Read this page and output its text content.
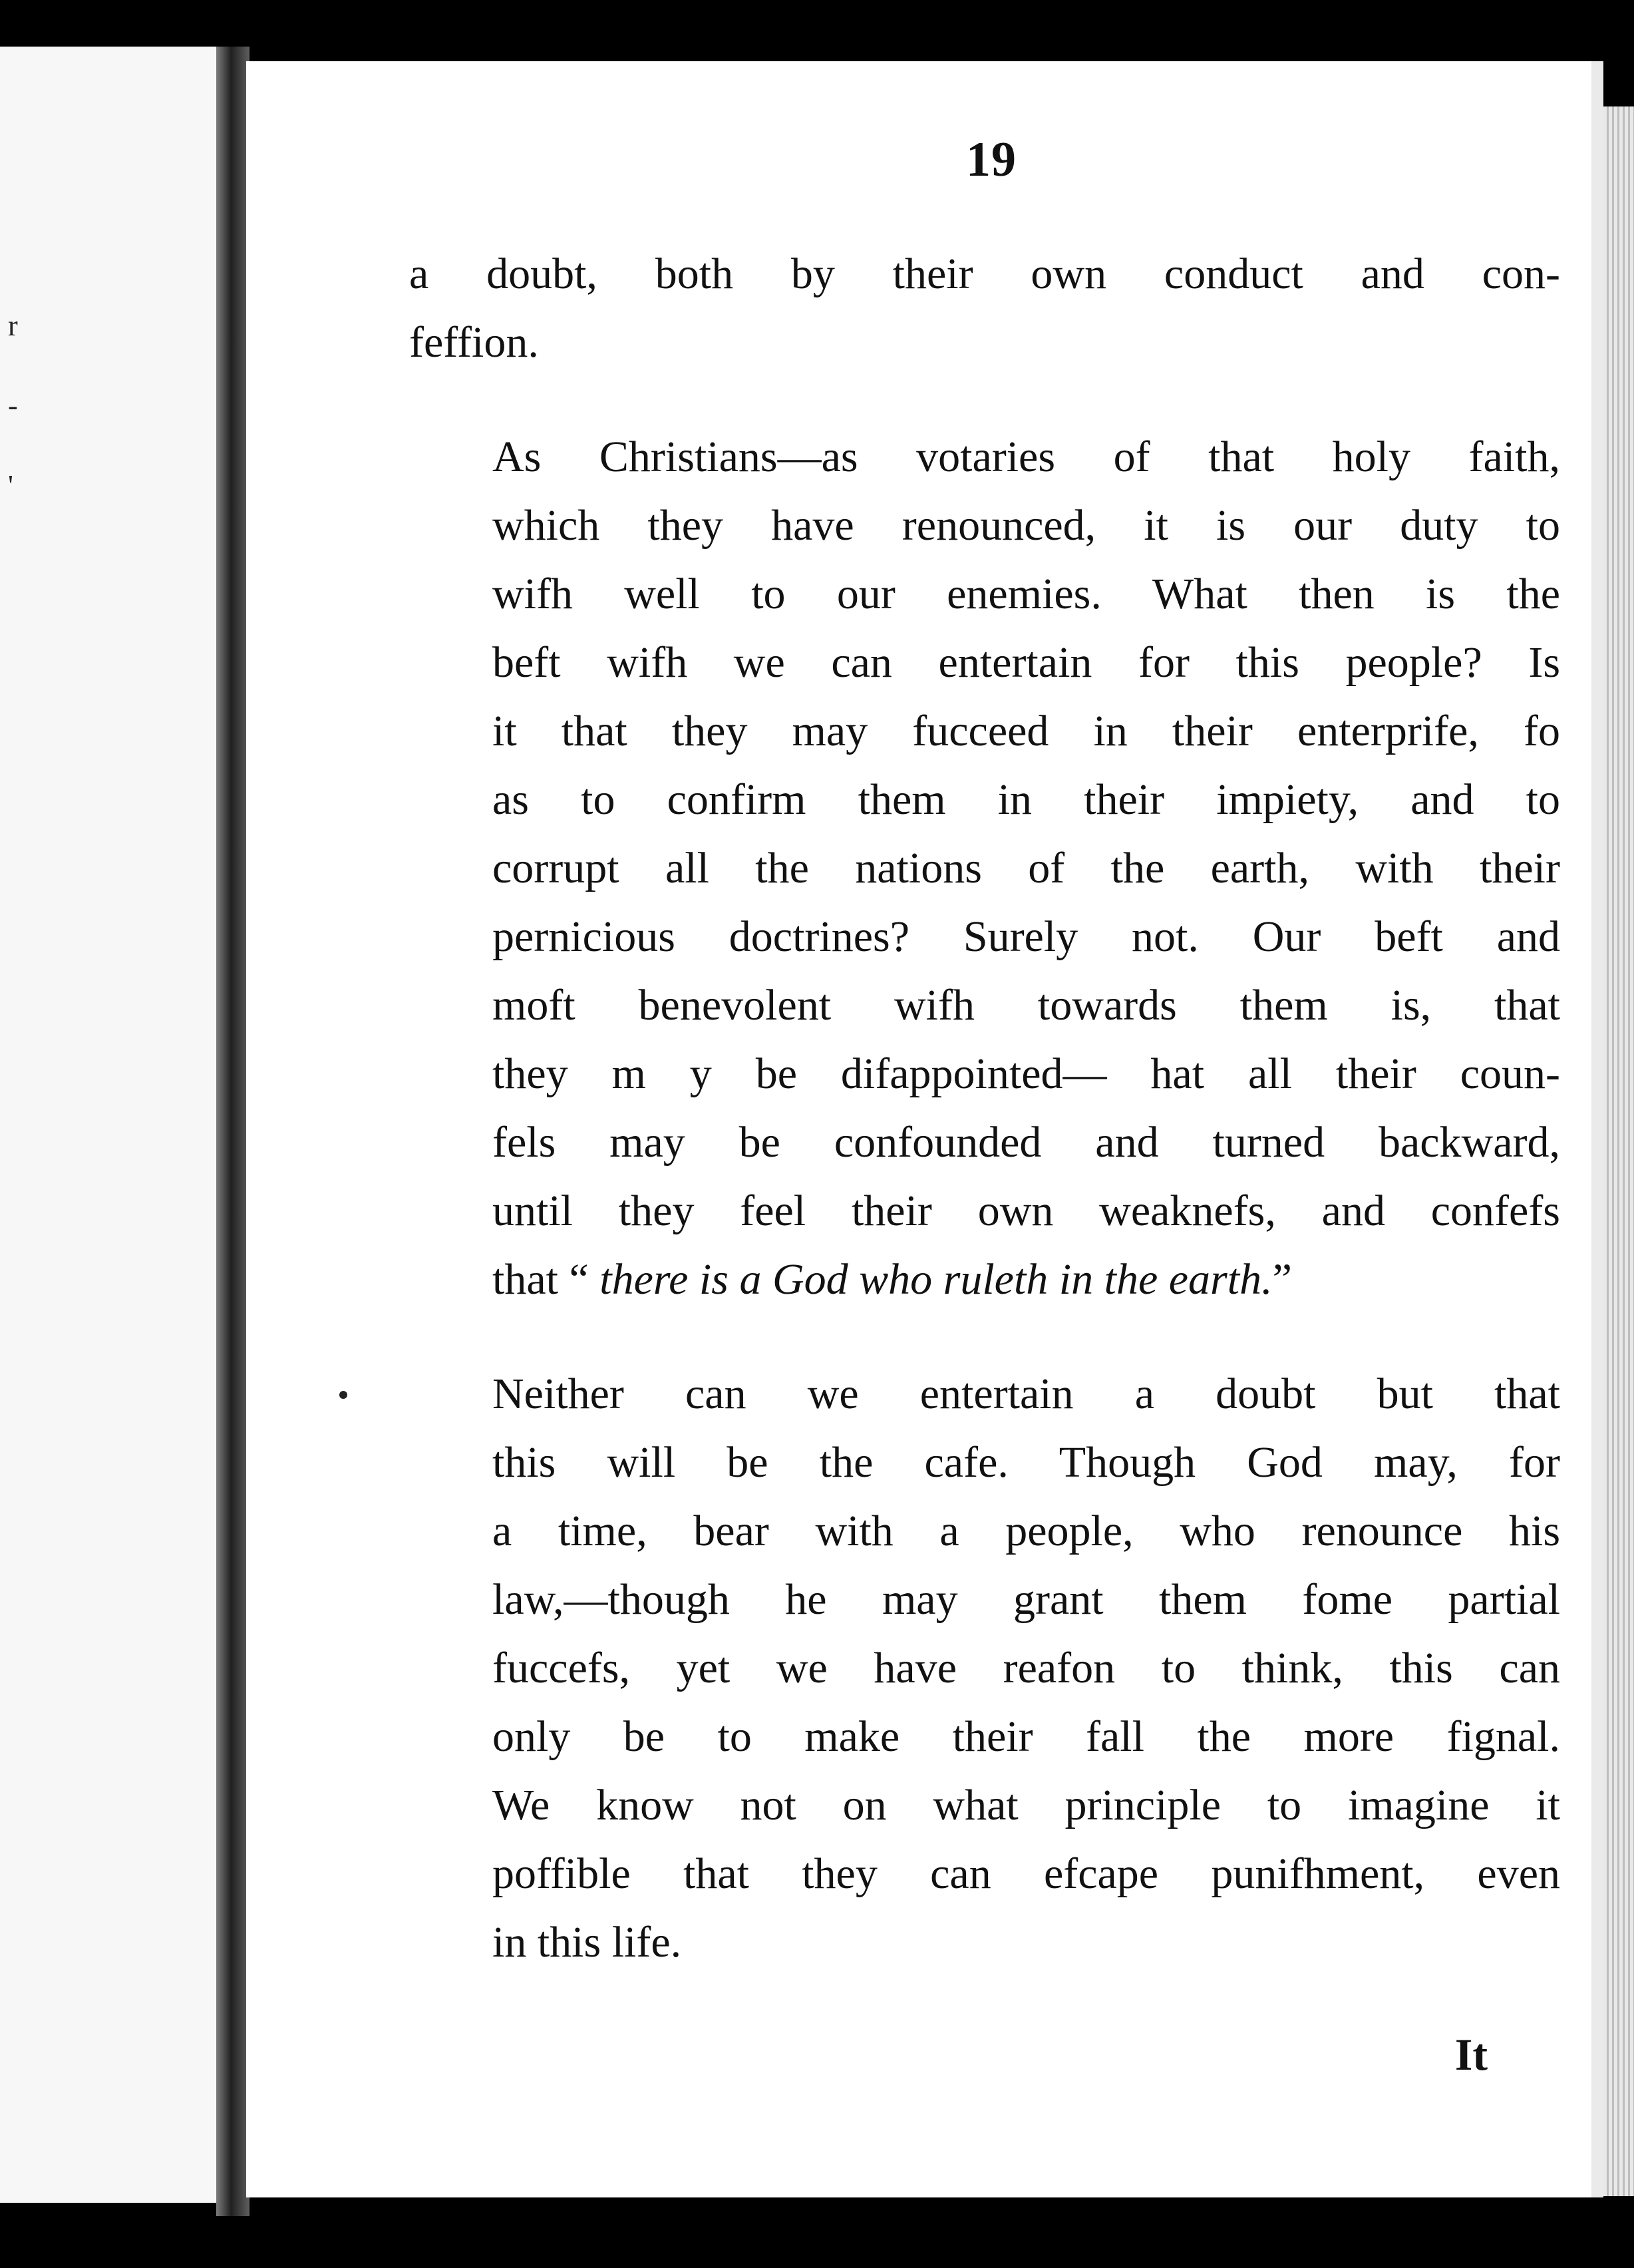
r
-
'
19

a doubt, both by their own conduct and con-
feffion.

As Christians—as votaries of that holy faith,
which they have renounced, it is our duty to
wifh well to our enemies. What then is the
beft wifh we can entertain for this people? Is
it that they may fucceed in their enterprife, fo
as to confirm them in their impiety, and to
corrupt all the nations of the earth, with their
pernicious doctrines? Surely not. Our beft and
moft benevolent wifh towards them is, that
they m y be difappointed— hat all their coun-
fels may be confounded and turned backward,
until they feel their own weaknefs, and confefs
that “ there is a God who ruleth in the earth.”

Neither can we entertain a doubt but that
this will be the cafe. Though God may, for
a time, bear with a people, who renounce his
law,—though he may grant them fome partial
fuccefs, yet we have reafon to think, this can
only be to make their fall the more fignal.
We know not on what principle to imagine it
poffible that they can efcape punifhment, even
in this life.

It
